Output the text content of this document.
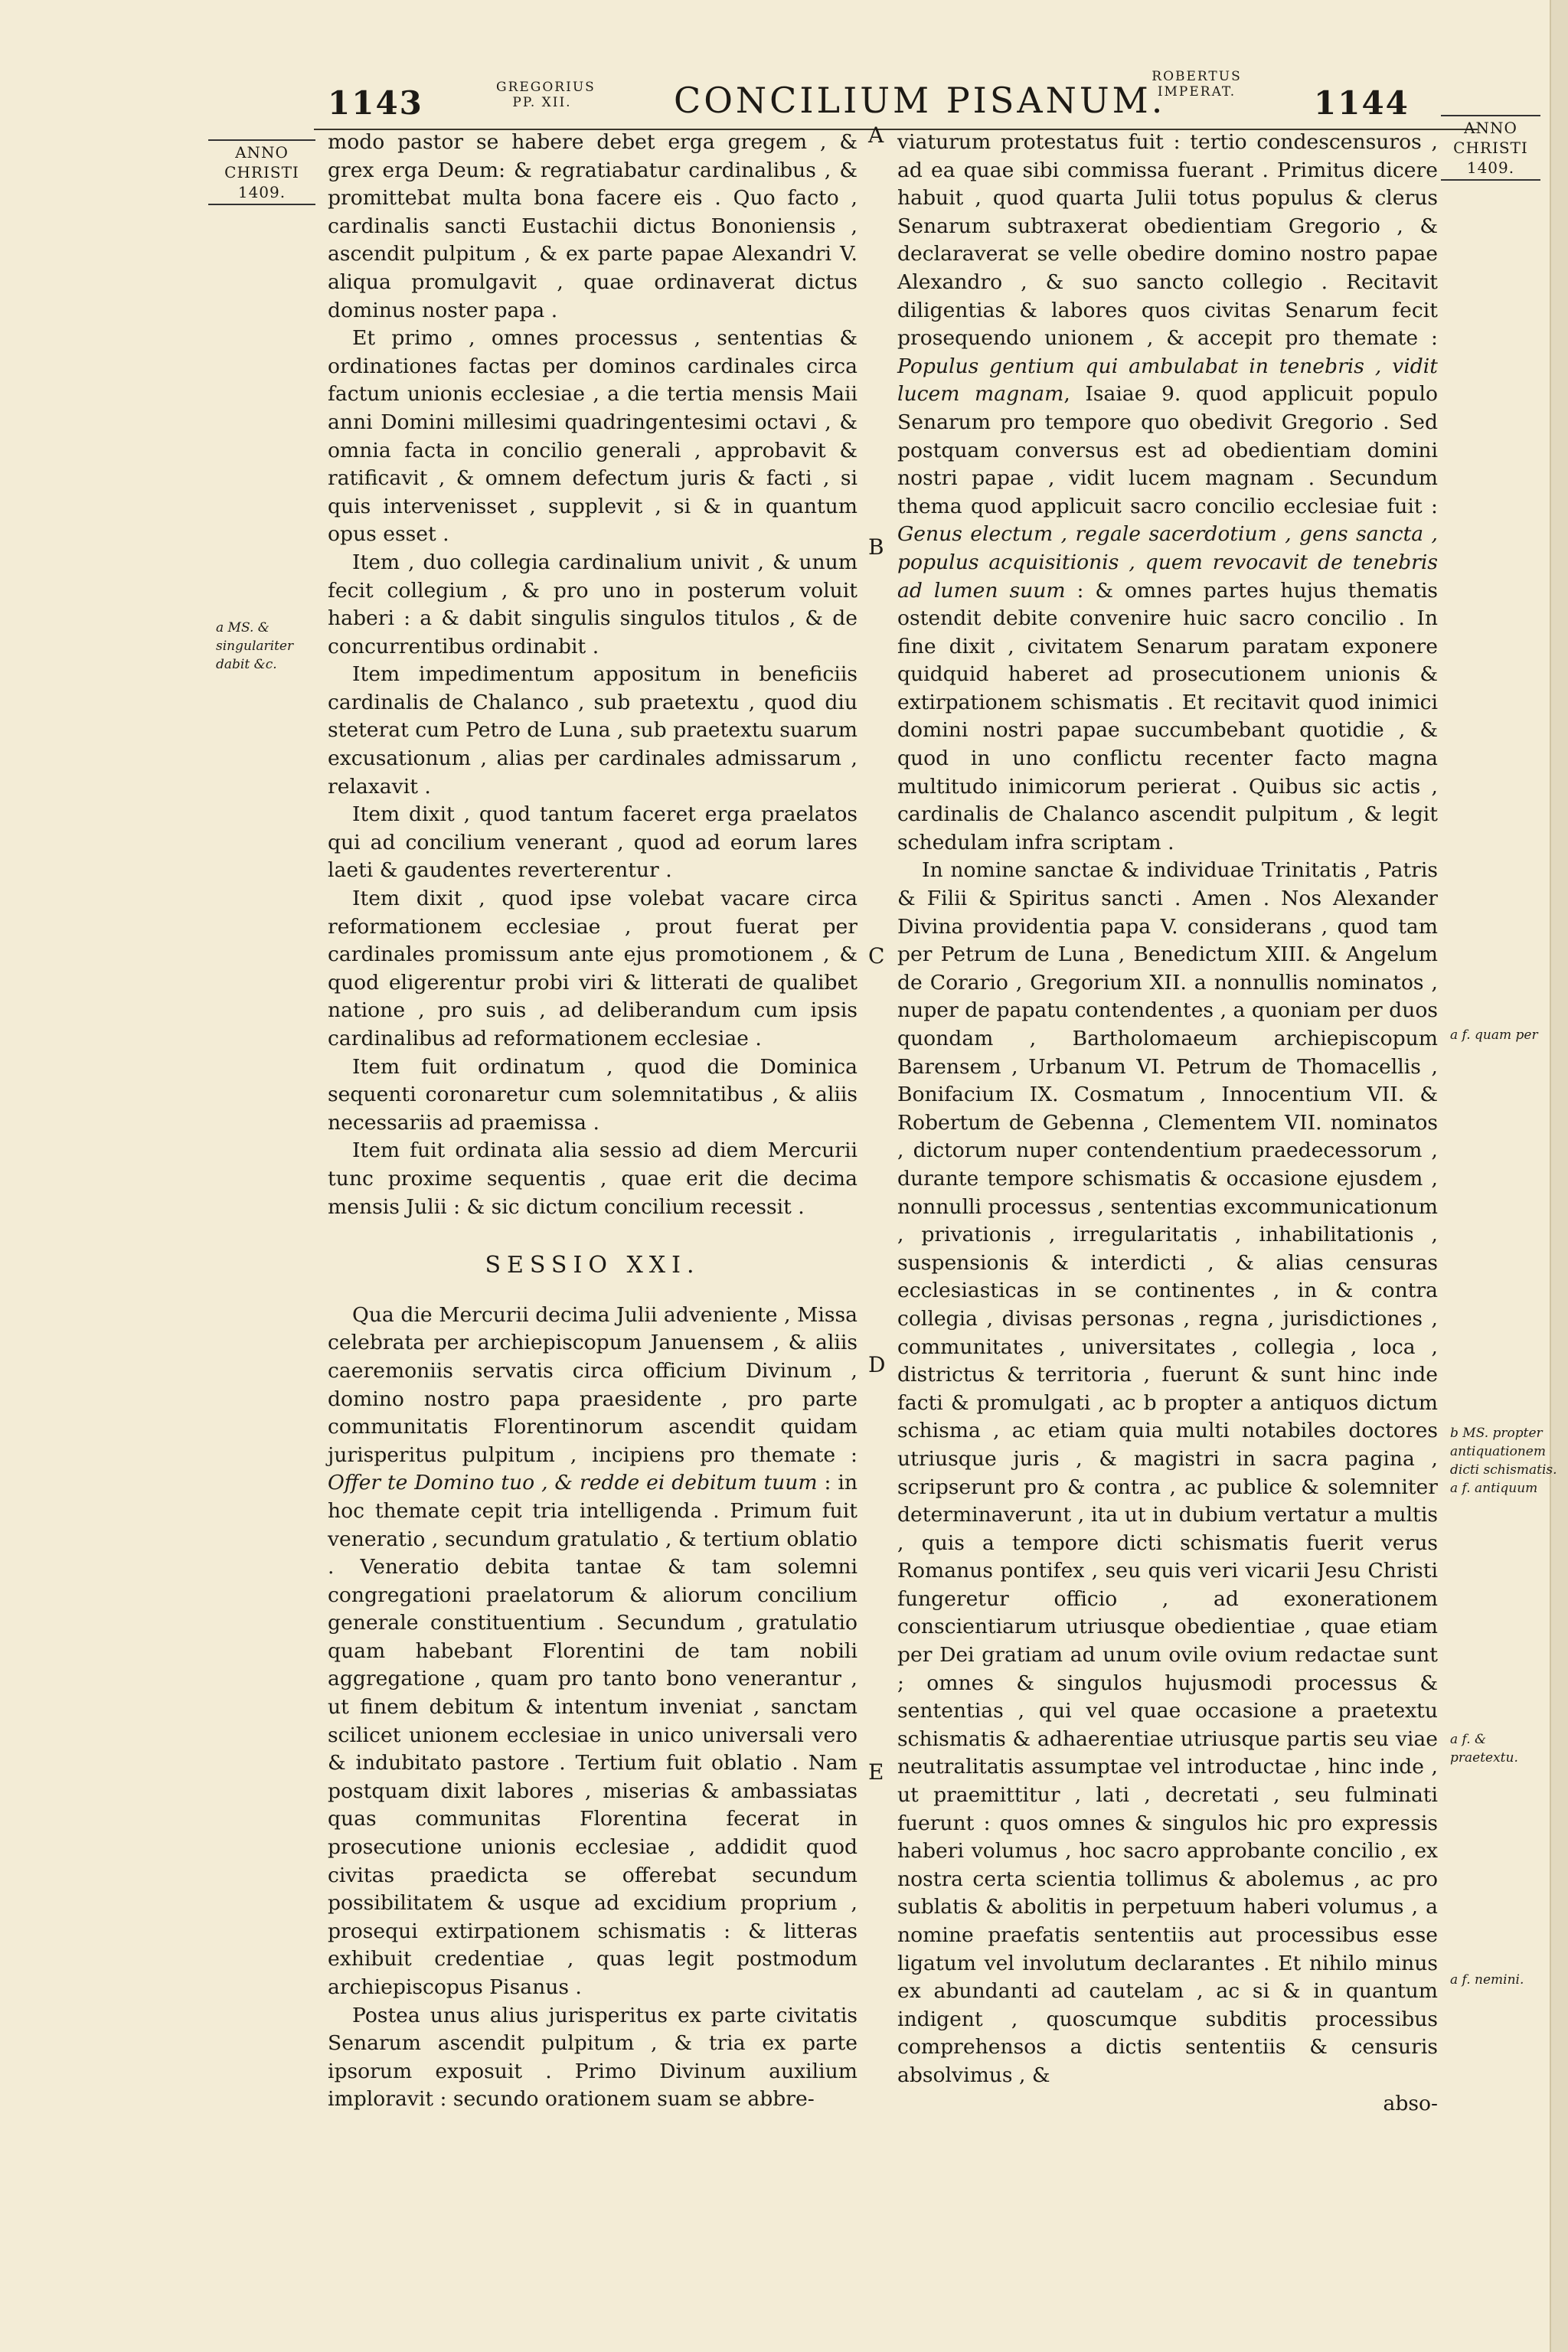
1143	GREGORIUS PP. XII.	CONCILIUM PISANUM.
ROBERTUS IMPERAT.	1144
ANNO CHRISTI 1409.
ANNO CHRISTI 1409.
a MS. & singulariter dabit &c.
a f. quam per
b MS. propter antiquationem dicti schismatis. a f. antiquum
a f. & praetextu.
a f. nemini.
A
B
C
D
E

modo pastor se habere debet erga gregem , & grex erga Deum: & regratiabatur cardinalibus , & promittebat multa bona facere eis . Quo facto , cardinalis sancti Eustachii dictus Bononiensis , ascendit pulpitum , & ex parte papae Alexandri V. aliqua promulgavit , quae ordinaverat dictus dominus noster papa .

Et primo , omnes processus , sententias & ordinationes factas per dominos cardinales circa factum unionis ecclesiae , a die tertia mensis Maii anni Domini millesimi quadringentesimi octavi , & omnia facta in concilio generali , approbavit & ratificavit , & omnem defectum juris & facti , si quis intervenisset , supplevit , si & in quantum opus esset .

Item , duo collegia cardinalium univit , & unum fecit collegium , & pro uno in posterum voluit haberi : a & dabit singulis singulos titulos , & de concurrentibus ordinabit .

Item impedimentum appositum in beneficiis cardinalis de Chalanco , sub praetextu , quod diu steterat cum Petro de Luna , sub praetextu suarum excusationum , alias per cardinales admissarum , relaxavit .

Item dixit , quod tantum faceret erga praelatos qui ad concilium venerant , quod ad eorum lares laeti & gaudentes reverterentur .

Item dixit , quod ipse volebat vacare circa reformationem ecclesiae , prout fuerat per cardinales promissum ante ejus promotionem , & quod eligerentur probi viri & litterati de qualibet natione , pro suis , ad deliberandum cum ipsis cardinalibus ad reformationem ecclesiae .

Item fuit ordinatum , quod die Dominica sequenti coronaretur cum solemnitatibus , & aliis necessariis ad praemissa .

Item fuit ordinata alia sessio ad diem Mercurii tunc proxime sequentis , quae erit die decima mensis Julii : & sic dictum concilium recessit .

SESSIO XXI.

Qua die Mercurii decima Julii adveniente , Missa celebrata per archiepiscopum Januensem , & aliis caeremoniis servatis circa officium Divinum , domino nostro papa praesidente , pro parte communitatis Florentinorum ascendit quidam jurisperitus pulpitum , incipiens pro themate : Offer te Domino tuo , & redde ei debitum tuum : in hoc themate cepit tria intelligenda . Primum fuit veneratio , secundum gratulatio , & tertium oblatio . Veneratio debita tantae & tam solemni congregationi praelatorum & aliorum concilium generale constituentium . Secundum , gratulatio quam habebant Florentini de tam nobili aggregatione , quam pro tanto bono venerantur , ut finem debitum & intentum inveniat , sanctam scilicet unionem ecclesiae in unico universali vero & indubitato pastore . Tertium fuit oblatio . Nam postquam dixit labores , miserias & ambassiatas quas communitas Florentina fecerat in prosecutione unionis ecclesiae , addidit quod civitas praedicta se offerebat secundum possibilitatem & usque ad excidium proprium , prosequi extirpationem schismatis : & litteras exhibuit credentiae , quas legit postmodum archiepiscopus Pisanus .

Postea unus alius jurisperitus ex parte civitatis Senarum ascendit pulpitum , & tria ex parte ipsorum exposuit . Primo Divinum auxilium imploravit : secundo orationem suam se abbre-

viaturum protestatus fuit : tertio condescensuros , ad ea quae sibi commissa fuerant . Primitus dicere habuit , quod quarta Julii totus populus & clerus Senarum subtraxerat obedientiam Gregorio , & declaraverat se velle obedire domino nostro papae Alexandro , & suo sancto collegio . Recitavit diligentias & labores quos civitas Senarum fecit prosequendo unionem , & accepit pro themate : Populus gentium qui ambulabat in tenebris , vidit lucem magnam, Isaiae 9. quod applicuit populo Senarum pro tempore quo obedivit Gregorio . Sed postquam conversus est ad obedientiam domini nostri papae , vidit lucem magnam . Secundum thema quod applicuit sacro concilio ecclesiae fuit : Genus electum , regale sacerdotium , gens sancta , populus acquisitionis , quem revocavit de tenebris ad lumen suum : & omnes partes hujus thematis ostendit debite convenire huic sacro concilio . In fine dixit , civitatem Senarum paratam exponere quidquid haberet ad prosecutionem unionis & extirpationem schismatis . Et recitavit quod inimici domini nostri papae succumbebant quotidie , & quod in uno conflictu recenter facto magna multitudo inimicorum perierat . Quibus sic actis , cardinalis de Chalanco ascendit pulpitum , & legit schedulam infra scriptam .

In nomine sanctae & individuae Trinitatis , Patris & Filii & Spiritus sancti . Amen . Nos Alexander Divina providentia papa V. considerans , quod tam per Petrum de Luna , Benedictum XIII. & Angelum de Corario , Gregorium XII. a nonnullis nominatos , nuper de papatu contendentes , a quoniam per duos quondam , Bartholomaeum archiepiscopum Barensem , Urbanum VI. Petrum de Thomacellis , Bonifacium IX. Cosmatum , Innocentium VII. & Robertum de Gebenna , Clementem VII. nominatos , dictorum nuper contendentium praedecessorum , durante tempore schismatis & occasione ejusdem , nonnulli processus , sententias excommunicationum , privationis , irregularitatis , inhabilitationis , suspensionis & interdicti , & alias censuras ecclesiasticas in se continentes , in & contra collegia , divisas personas , regna , jurisdictiones , communitates , universitates , collegia , loca , districtus & territoria , fuerunt & sunt hinc inde facti & promulgati , ac b propter a antiquos dictum schisma , ac etiam quia multi notabiles doctores utriusque juris , & magistri in sacra pagina , scripserunt pro & contra , ac publice & solemniter determinaverunt , ita ut in dubium vertatur a multis , quis a tempore dicti schismatis fuerit verus Romanus pontifex , seu quis veri vicarii Jesu Christi fungeretur officio , ad exonerationem conscientiarum utriusque obedientiae , quae etiam per Dei gratiam ad unum ovile ovium redactae sunt ; omnes & singulos hujusmodi processus & sententias , qui vel quae occasione a praetextu schismatis & adhaerentiae utriusque partis seu viae neutralitatis assumptae vel introductae , hinc inde , ut praemittitur , lati , decretati , seu fulminati fuerunt : quos omnes & singulos hic pro expressis haberi volumus , hoc sacro approbante concilio , ex nostra certa scientia tollimus & abolemus , ac pro sublatis & abolitis in perpetuum haberi volumus , a nomine praefatis sententiis aut processibus esse ligatum vel involutum declarantes . Et nihilo minus ex abundanti ad cautelam , ac si & in quantum indigent , quoscumque subditis processibus comprehensos a dictis sententiis & censuris absolvimus , &

abso-
